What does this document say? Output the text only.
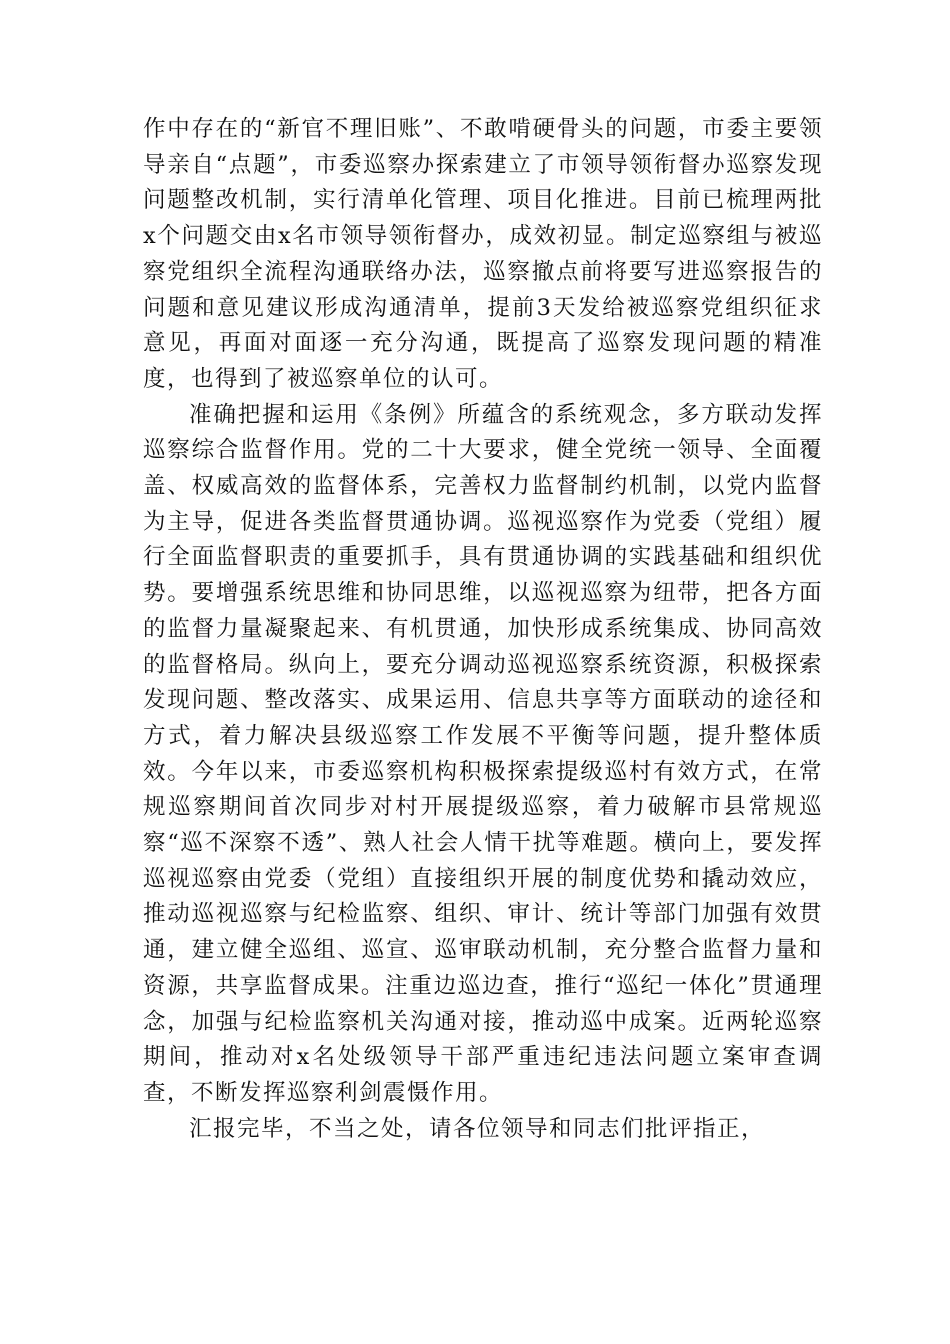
作中存在的“新官不理旧账”、不敢啃硬骨头的问题，市委主要领导亲自“点题”，市委巡察办探索建立了市领导领衔督办巡察发现问题整改机制，实行清单化管理、项目化推进。目前已梳理两批x个问题交由x名市领导领衔督办，成效初显。制定巡察组与被巡察党组织全流程沟通联络办法，巡察撤点前将要写进巡察报告的问题和意见建议形成沟通清单，提前3天发给被巡察党组织征求意见，再面对面逐一充分沟通，既提高了巡察发现问题的精准度，也得到了被巡察单位的认可。

准确把握和运用《条例》所蕴含的系统观念，多方联动发挥巡察综合监督作用。党的二十大要求，健全党统一领导、全面覆盖、权威高效的监督体系，完善权力监督制约机制，以党内监督为主导，促进各类监督贯通协调。巡视巡察作为党委（党组）履行全面监督职责的重要抓手，具有贯通协调的实践基础和组织优势。要增强系统思维和协同思维，以巡视巡察为纽带，把各方面的监督力量凝聚起来、有机贯通，加快形成系统集成、协同高效的监督格局。纵向上，要充分调动巡视巡察系统资源，积极探索发现问题、整改落实、成果运用、信息共享等方面联动的途径和方式，着力解决县级巡察工作发展不平衡等问题，提升整体质效。今年以来，市委巡察机构积极探索提级巡村有效方式，在常规巡察期间首次同步对村开展提级巡察，着力破解市县常规巡察“巡不深察不透”、熟人社会人情干扰等难题。横向上，要发挥巡视巡察由党委（党组）直接组织开展的制度优势和撬动效应，推动巡视巡察与纪检监察、组织、审计、统计等部门加强有效贯通，建立健全巡组、巡宣、巡审联动机制，充分整合监督力量和资源，共享监督成果。注重边巡边查，推行“巡纪一体化”贯通理念，加强与纪检监察机关沟通对接，推动巡中成案。近两轮巡察期间，推动对x名处级领导干部严重违纪违法问题立案审查调查，不断发挥巡察利剑震慑作用。

汇报完毕，不当之处，请各位领导和同志们批评指正，
